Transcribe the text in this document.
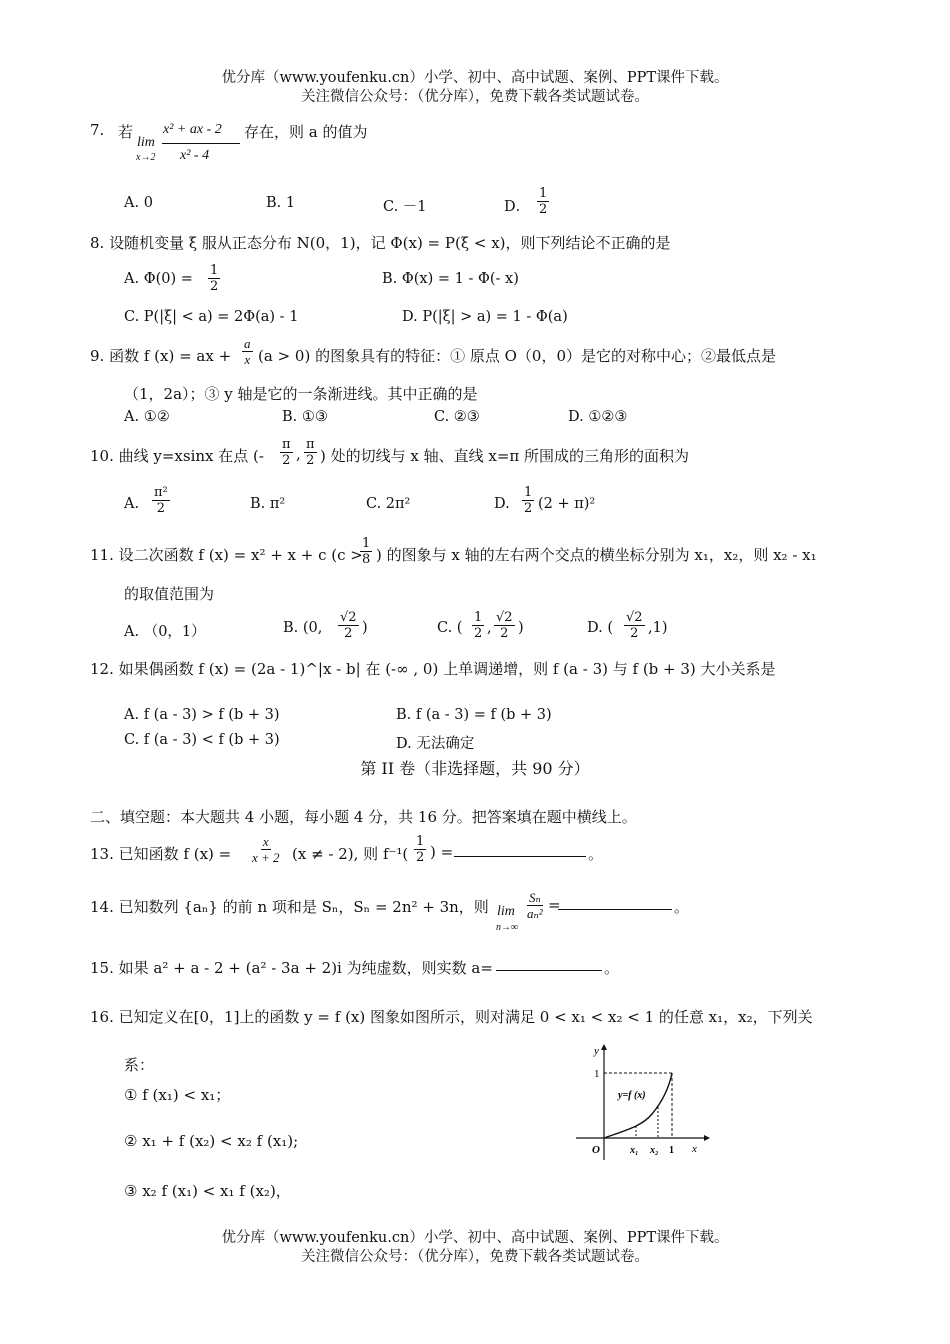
优分库（www.youfenku.cn）小学、初中、高中试题、案例、PPT课件下载。
关注微信公众号：（优分库），免费下载各类试题试卷。
7. 若
lim
x→2
x² + ax - 2
x² - 4
存在，则 a 的值为
A. 0	B. 1	C. －1	D． $\frac{1}{2}$
8. 设随机变量 ξ 服从正态分布 N(0，1)，记 Φ(x) = P(ξ < x)，则下列结论不正确的是
A. $\Phi(0) = \frac{1}{2}$	B. Φ(x) = 1 - Φ(- x)
C. P(|ξ| < a) = 2Φ(a) - 1	D. P(|ξ| > a) = 1 - Φ(a)
9. 函数 f (x) = ax + $\frac{a}{x} (a > 0)$ 的图象具有的特征：① 原点 O（0，0）是它的对称中心；②最低点是
（1，2a）；③ y 轴是它的一条渐进线。其中正确的是
A. ①②	B. ①③	C. ②③	D. ①②③
10. 曲线 y=xsinx 在点 (- $\frac{\pi}{2}$ , $\frac{\pi}{2}$ ) 处的切线与 x 轴、直线 x=π 所围成的三角形的面积为
A. $\frac{\text{π²}}{2}$	B. π²	C. 2π²	D. $\frac{1}{2} (2 + \pi)^2$
11. 设二次函数 f (x) = x² + x + c (c >
$\frac{1}{8}$ ) 的图象与 x 轴的左右两个交点的横坐标分别为 x₁，x₂，则 x₂ - x₁
的取值范围为
A. （0，1）	B. (0, $\frac{√2}{2}$ )	C. ( $\frac{1}{2}$ , $\frac{√2}{2}$ )	D. ( $\frac{√2}{2} ,1$)
12. 如果偶函数 f (x) = (2a - 1)^|x - b| 在 (-∞ , 0) 上单调递增，则 f (a - 3) 与 f (b + 3) 大小关系是
A. f (a - 3) > f (b + 3)	B. f (a - 3) = f (b + 3)
C. f (a - 3) < f (b + 3)	D. 无法确定
第 II 卷（非选择题，共 90 分）
二、填空题：本大题共 4 小题，每小题 4 分，共 16 分。把答案填在题中横线上。
13. 已知函数 f $(x) = \frac{x}{x + 2} (x$ ≠ - 2), 则 $f^{-1}( \frac{1}{2}$ ) =	。
14. 已知数列 {aₙ} 的前 n 项和是 Sₙ，Sₙ = 2n² + 3n，则 lim
n→∞
$\frac{\text{Sₙ}}{\text{aₙ²}}$ =	。
15. 如果 a² + a - 2 + (a² - 3a + 2)i 为纯虚数，则实数 a=	。
16. 已知定义在[0，1]上的函数 y = f (x) 图象如图所示，则对满足 0 < x₁ < x₂ < 1 的任意 x₁，x₂，下列关
系：
① f (x₁) < x₁；
② x₁ + f (x₂) < x₂ f (x₁);
③ x₂ f (x₁) < x₁ f (x₂)，
y
x
O
1
y=f (x)
x₁ x₂ 1
优分库（www.youfenku.cn）小学、初中、高中试题、案例、PPT课件下载。
关注微信公众号：（优分库），免费下载各类试题试卷。
